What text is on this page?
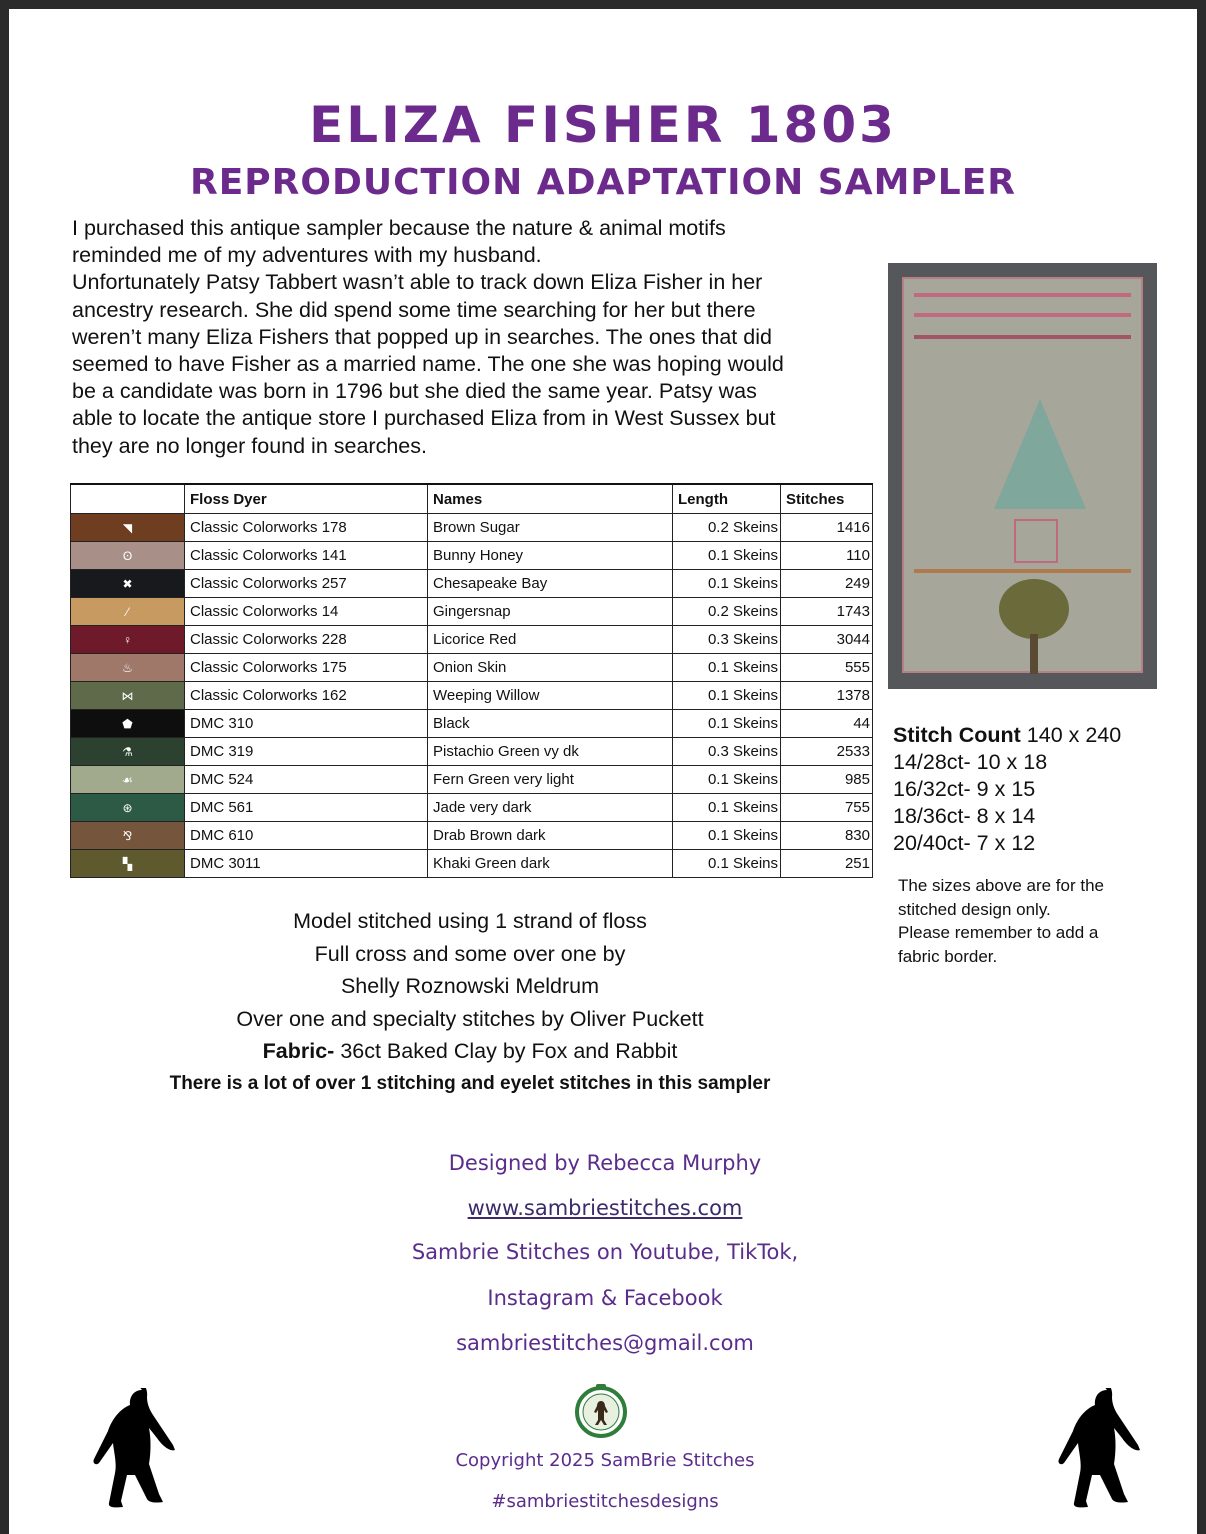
ELIZA FISHER 1803
REPRODUCTION ADAPTATION SAMPLER

I purchased this antique sampler because the nature & animal motifs
reminded me of my adventures with my husband.
Unfortunately Patsy Tabbert wasn’t able to track down Eliza Fisher in her
ancestry research. She did spend some time searching for her but there
weren’t many Eliza Fishers that popped up in searches. The ones that did
seemed to have Fisher as a married name. The one she was hoping would
be a candidate was born in 1796 but she died the same year. Patsy was
able to locate the antique store I purchased Eliza from in West Sussex but
they are no longer found in searches.

	Floss Dyer	Names	Length	Stitches
◥	Classic Colorworks 178	Brown Sugar	0.2 Skeins	1416
ʘ	Classic Colorworks 141	Bunny Honey	0.1 Skeins	110
✖	Classic Colorworks 257	Chesapeake Bay	0.1 Skeins	249
⁄	Classic Colorworks 14	Gingersnap	0.2 Skeins	1743
♀	Classic Colorworks 228	Licorice Red	0.3 Skeins	3044
♨	Classic Colorworks 175	Onion Skin	0.1 Skeins	555
⋈	Classic Colorworks 162	Weeping Willow	0.1 Skeins	1378
⬟	DMC 310	Black	0.1 Skeins	44
⚗	DMC 319	Pistachio Green vy dk	0.3 Skeins	2533
☙	DMC 524	Fern Green very light	0.1 Skeins	985
⊛	DMC 561	Jade very dark	0.1 Skeins	755
⅋	DMC 610	Drab Brown dark	0.1 Skeins	830
▚	DMC 3011	Khaki Green dark	0.1 Skeins	251

Stitch Count 140 x 240
14/28ct- 10 x 18
16/32ct- 9 x 15
18/36ct- 8 x 14
20/40ct- 7 x 12

The sizes above are for the
stitched design only.
Please remember to add a
fabric border.

Model stitched using 1 strand of floss
Full cross and some over one by
Shelly Roznowski Meldrum
Over one and specialty stitches by Oliver Puckett
Fabric- 36ct Baked Clay by Fox and Rabbit
There is a lot of over 1 stitching and eyelet stitches in this sampler
Designed by Rebecca Murphy
www.sambriestitches.com
Sambrie Stitches on Youtube, TikTok,
Instagram & Facebook
sambriestitches@gmail.com
Copyright 2025 SamBrie Stitches
#sambriestitchesdesigns
